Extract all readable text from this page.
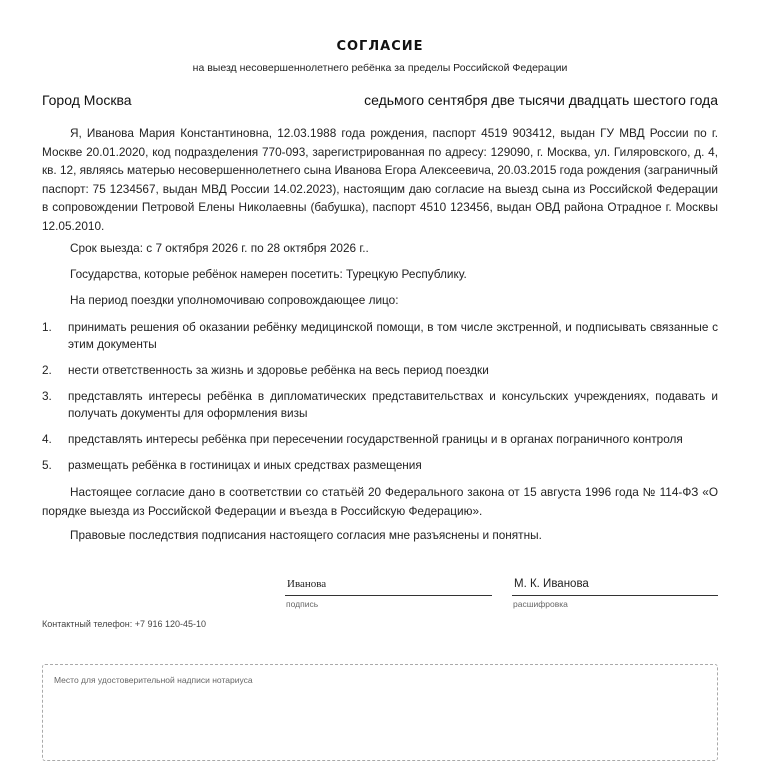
СОГЛАСИЕ
на выезд несовершеннолетнего ребёнка за пределы Российской Федерации
Город Москва	седьмого сентября две тысячи двадцать шестого года
Я, Иванова Мария Константиновна, 12.03.1988 года рождения, паспорт 4519 903412, выдан ГУ МВД России по г. Москве 20.01.2020, код подразделения 770-093, зарегистрированная по адресу: 129090, г. Москва, ул. Гиляровского, д. 4, кв. 12, являясь матерью несовершеннолетнего сына Иванова Егора Алексеевича, 20.03.2015 года рождения (заграничный паспорт: 75 1234567, выдан МВД России 14.02.2023), настоящим даю согласие на выезд сына из Российской Федерации в сопровождении Петровой Елены Николаевны (бабушка), паспорт 4510 123456, выдан ОВД района Отрадное г. Москвы 12.05.2010.
Срок выезда: с 7 октября 2026 г. по 28 октября 2026 г..
Государства, которые ребёнок намерен посетить: Турецкую Республику.
На период поездки уполномочиваю сопровождающее лицо:
1. принимать решения об оказании ребёнку медицинской помощи, в том числе экстренной, и подписывать связанные с этим документы
2. нести ответственность за жизнь и здоровье ребёнка на весь период поездки
3. представлять интересы ребёнка в дипломатических представительствах и консульских учреждениях, подавать и получать документы для оформления визы
4. представлять интересы ребёнка при пересечении государственной границы и в органах пограничного контроля
5. размещать ребёнка в гостиницах и иных средствах размещения
Настоящее согласие дано в соответствии со статьёй 20 Федерального закона от 15 августа 1996 года № 114-ФЗ «О порядке выезда из Российской Федерации и въезда в Российскую Федерацию».
Правовые последствия подписания настоящего согласия мне разъяснены и понятны.
Иванова
подпись
М. К. Иванова
расшифровка
Контактный телефон: +7 916 120-45-10
Место для удостоверительной надписи нотариуса
